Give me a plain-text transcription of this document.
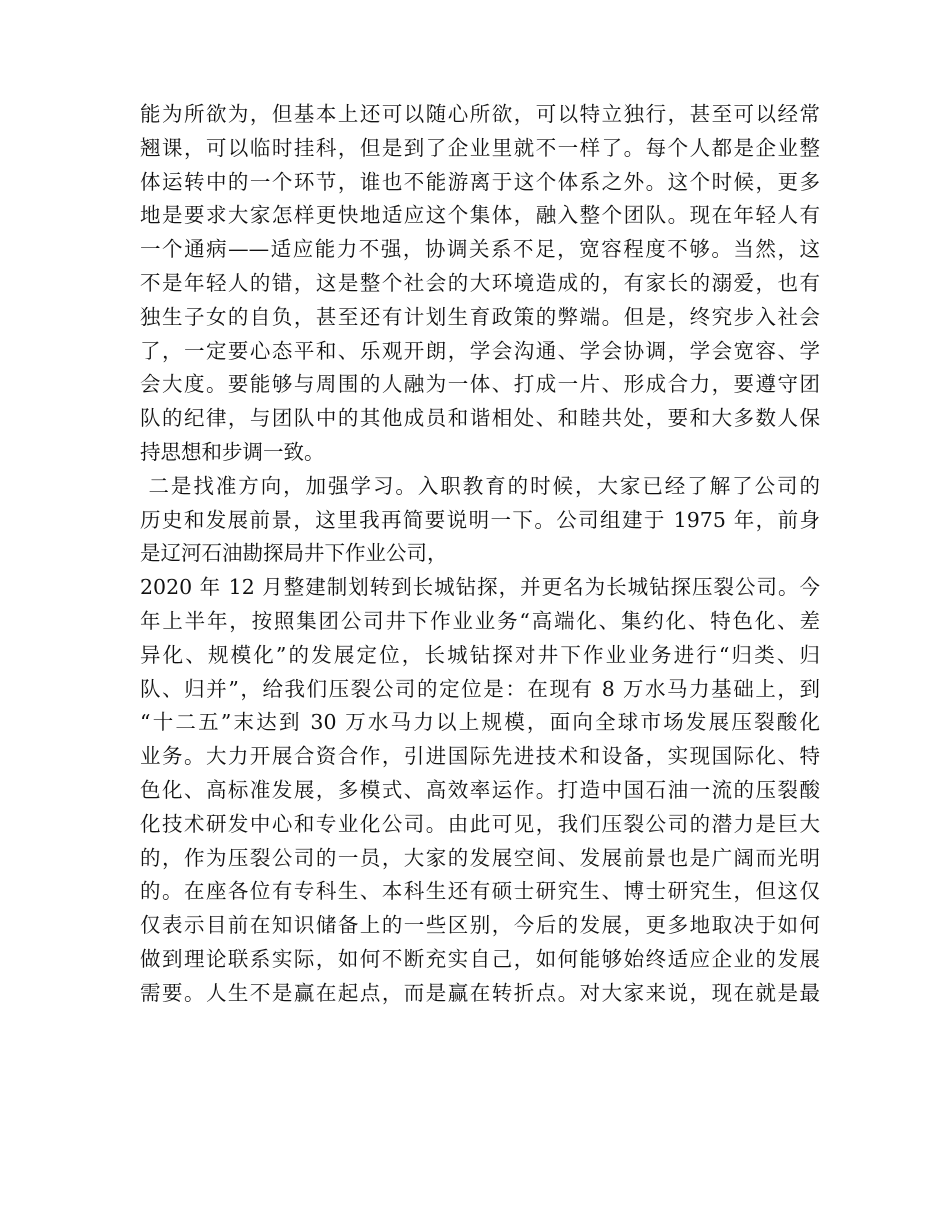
能为所欲为，但基本上还可以随心所欲，可以特立独行，甚至可以经常
翘课，可以临时挂科，但是到了企业里就不一样了。每个人都是企业整
体运转中的一个环节，谁也不能游离于这个体系之外。这个时候，更多
地是要求大家怎样更快地适应这个集体，融入整个团队。现在年轻人有
一个通病——适应能力不强，协调关系不足，宽容程度不够。当然，这
不是年轻人的错，这是整个社会的大环境造成的，有家长的溺爱，也有
独生子女的自负，甚至还有计划生育政策的弊端。但是，终究步入社会
了，一定要心态平和、乐观开朗，学会沟通、学会协调，学会宽容、学
会大度。要能够与周围的人融为一体、打成一片、形成合力，要遵守团
队的纪律，与团队中的其他成员和谐相处、和睦共处，要和大多数人保
持思想和步调一致。
二是找准方向，加强学习。入职教育的时候，大家已经了解了公司的
历史和发展前景，这里我再简要说明一下。公司组建于 1975 年，前身
是辽河石油勘探局井下作业公司，
2020 年 12 月整建制划转到长城钻探，并更名为长城钻探压裂公司。今
年上半年，按照集团公司井下作业业务“高端化、集约化、特色化、差
异化、规模化”的发展定位，长城钻探对井下作业业务进行“归类、归
队、归并”，给我们压裂公司的定位是：在现有 8 万水马力基础上，到
“十二五”末达到 30 万水马力以上规模，面向全球市场发展压裂酸化
业务。大力开展合资合作，引进国际先进技术和设备，实现国际化、特
色化、高标准发展，多模式、高效率运作。打造中国石油一流的压裂酸
化技术研发中心和专业化公司。由此可见，我们压裂公司的潜力是巨大
的，作为压裂公司的一员，大家的发展空间、发展前景也是广阔而光明
的。在座各位有专科生、本科生还有硕士研究生、博士研究生，但这仅
仅表示目前在知识储备上的一些区别，今后的发展，更多地取决于如何
做到理论联系实际，如何不断充实自己，如何能够始终适应企业的发展
需要。人生不是赢在起点，而是赢在转折点。对大家来说，现在就是最
